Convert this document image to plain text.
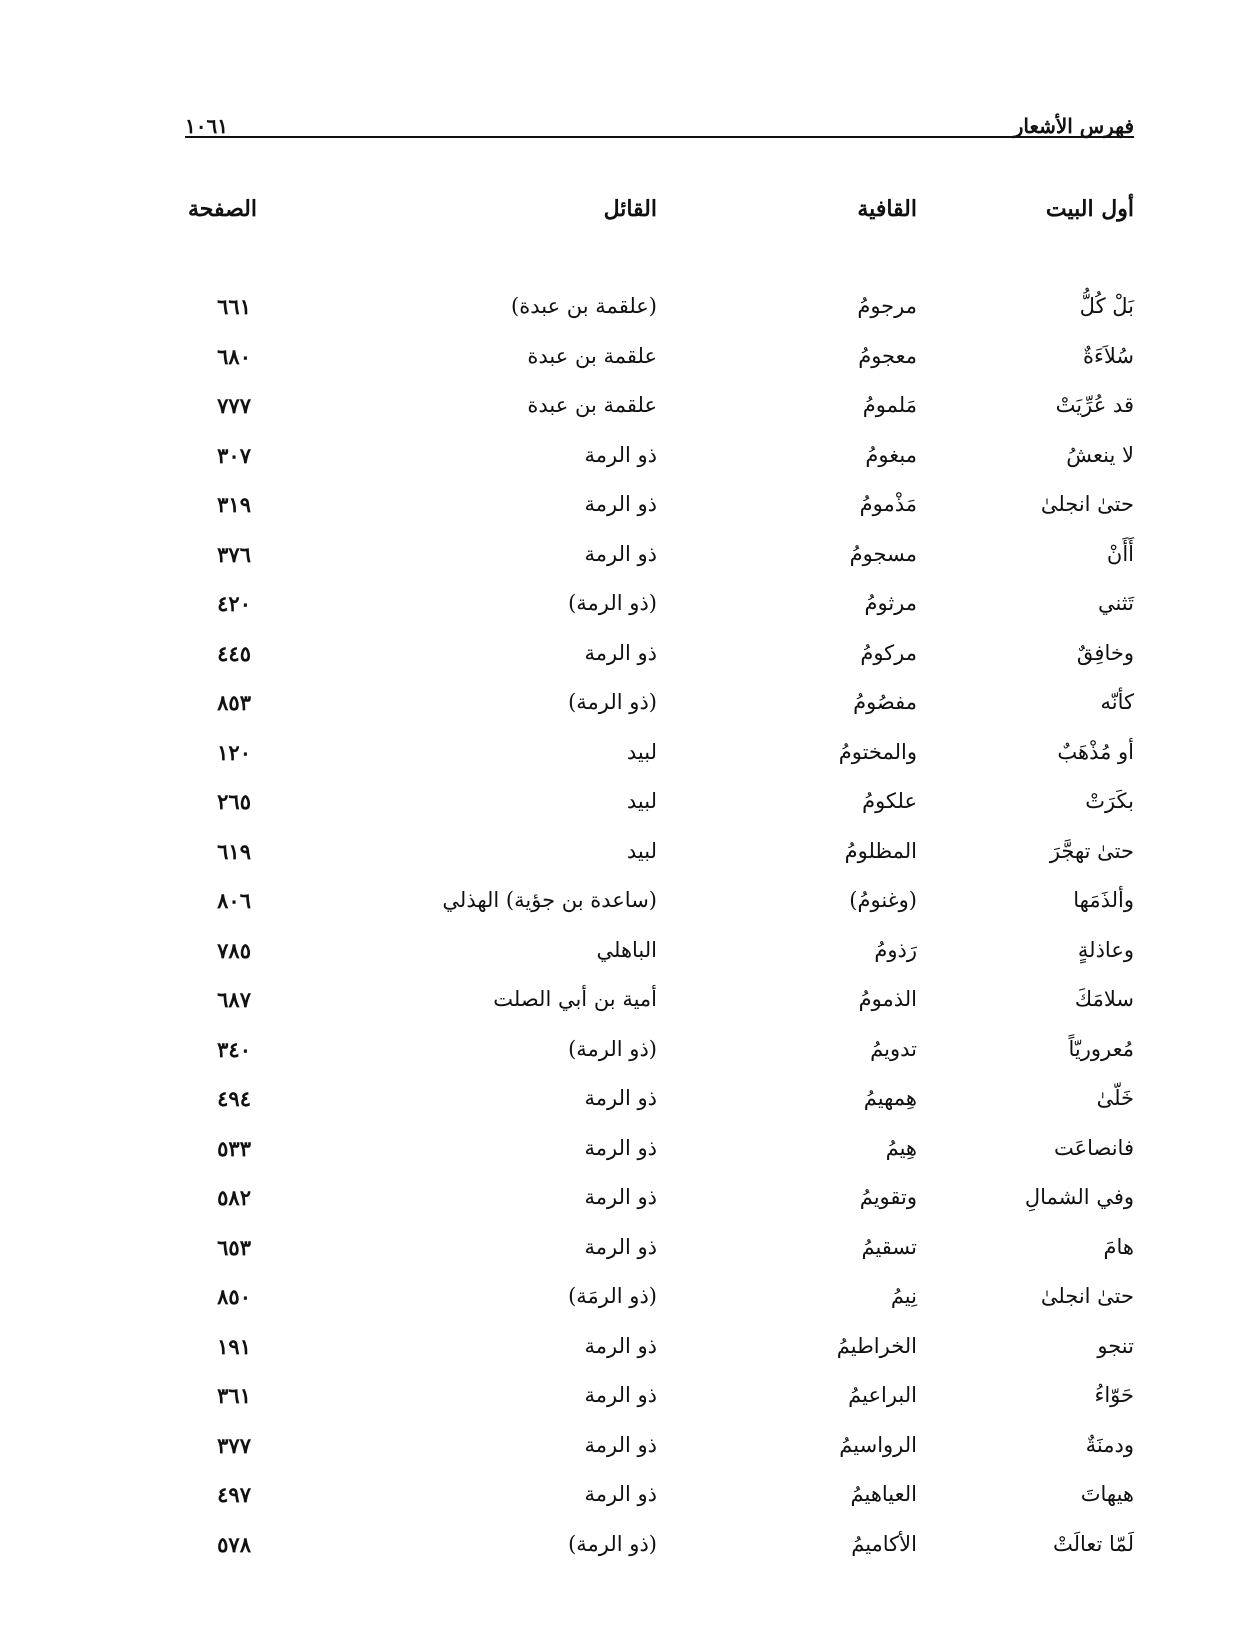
فهرس الأشعار
١٠٦١
أول البيت
القافية
القائل
الصفحة
بَلْ كُلُّ
مرجومُ
(علقمة بن عبدة)
٦٦١
سُلاَءَةٌ
معجومُ
علقمة بن عبدة
٦٨٠
قد عُرِّيَتْ
مَلمومُ
علقمة بن عبدة
٧٧٧
لا ينعشُ
مبغومُ
ذو الرمة
٣٠٧
حتىٰ انجلىٰ
مَذْمومُ
ذو الرمة
٣١٩
أَأَنْ
مسجومُ
ذو الرمة
٣٧٦
تَثني
مرثومُ
(ذو الرمة)
٤٢٠
وخافِقٌ
مركومُ
ذو الرمة
٤٤٥
كأنّه
مفصُومُ
(ذو الرمة)
٨٥٣
أو مُذْهَبٌ
والمختومُ
لبيد
١٢٠
بكَرَتْ
علكومُ
لبيد
٢٦٥
حتىٰ تهجَّرَ
المظلومُ
لبيد
٦١٩
وألذَمَها
(وغنومُ)
(ساعدة بن جؤية) الهذلي
٨٠٦
وعاذلةٍ
رَذومُ
الباهلي
٧٨٥
سلامَكَ
الذمومُ
أمية بن أبي الصلت
٦٨٧
مُعروريّاً
تدويمُ
(ذو الرمة)
٣٤٠
خَلّىٰ
هِمهيمُ
ذو الرمة
٤٩٤
فانصاعَت
هِيمُ
ذو الرمة
٥٣٣
وفي الشمالِ
وتقويمُ
ذو الرمة
٥٨٢
هامَ
تسقيمُ
ذو الرمة
٦٥٣
حتىٰ انجلىٰ
نِيمُ
(ذو الرمَة)
٨٥٠
تنجو
الخراطيمُ
ذو الرمة
١٩١
حَوّاءُ
البراعيمُ
ذو الرمة
٣٦١
ودمنَةٌ
الرواسيمُ
ذو الرمة
٣٧٧
هيهاتَ
العياهيمُ
ذو الرمة
٤٩٧
لَمّا تعالَتْ
الأكاميمُ
(ذو الرمة)
٥٧٨
